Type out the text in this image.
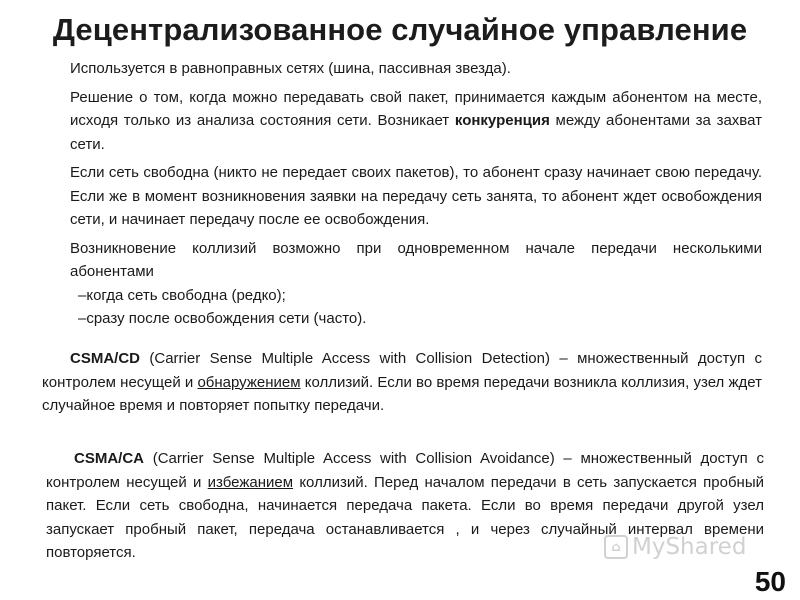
Децентрализованное случайное управление

Используется в равноправных сетях (шина, пассивная звезда).

Решение о том, когда можно передавать свой пакет, принимается каждым абонентом на месте, исходя только из анализа состояния сети. Возникает конкуренция между абонентами за захват сети.

Если сеть свободна (никто не передает своих пакетов), то абонент сразу начинает свою передачу. Если же в момент возникновения заявки на передачу сеть занята, то абонент ждет освобождения сети, и начинает передачу после ее освобождения.

Возникновение коллизий возможно при одновременном начале передачи несколькими абонентами

–когда сеть свободна (редко);

–сразу после освобождения сети (часто).

CSMA/CD (Carrier Sense Multiple Access with Collision Detection) – множественный доступ с контролем несущей и обнаружением коллизий. Если во время передачи возникла коллизия, узел ждет случайное время и повторяет попытку передачи.

CSMA/CA (Carrier Sense Multiple Access with Collision Avoidance) – множественный доступ с контролем несущей и избежанием коллизий. Перед началом передачи в сеть запускается пробный пакет. Если сеть свободна, начинается передача пакета. Если во время передачи другой узел запускает пробный пакет, передача останавливается , и через случайный интервал времени повторяется.	⌂ MyShared
50
